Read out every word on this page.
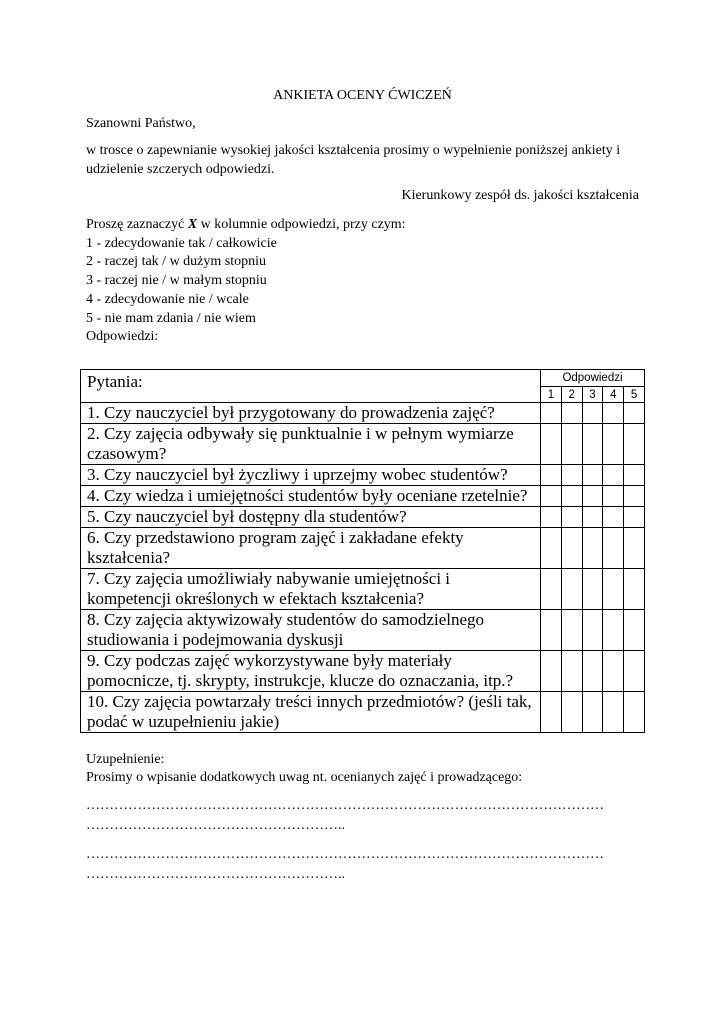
ANKIETA OCENY ĆWICZEŃ
Szanowni Państwo,
w trosce o zapewnianie wysokiej jakości kształcenia prosimy o wypełnienie poniższej ankiety i udzielenie szczerych odpowiedzi.
Kierunkowy zespół ds. jakości kształcenia
Proszę zaznaczyć X w kolumnie odpowiedzi, przy czym:
1 - zdecydowanie tak / całkowicie
2 - raczej tak / w dużym stopniu
3 - raczej nie / w małym stopniu
4 - zdecydowanie nie / wcale
5 - nie mam zdania / nie wiem
Odpowiedzi:
Pytania:	Odpowiedzi				
	1	2	3	4	5
1. Czy nauczyciel był przygotowany do prowadzenia zajęć?					
2. Czy zajęcia odbywały się punktualnie i w pełnym wymiarze czasowym?					
3. Czy nauczyciel był życzliwy i uprzejmy wobec studentów?					
4. Czy wiedza i umiejętności studentów były oceniane rzetelnie?					
5. Czy nauczyciel był dostępny dla studentów?					
6. Czy przedstawiono program zajęć i zakładane efekty kształcenia?					
7. Czy zajęcia umożliwiały nabywanie umiejętności i kompetencji określonych w efektach kształcenia?					
8. Czy zajęcia aktywizowały studentów do samodzielnego studiowania i podejmowania dyskusji					
9. Czy podczas zajęć wykorzystywane były materiały pomocnicze, tj. skrypty, instrukcje, klucze do oznaczania, itp.?					
10. Czy zajęcia powtarzały treści innych przedmiotów? (jeśli tak, podać w uzupełnieniu jakie)					
Uzupełnienie:
Prosimy o wpisanie dodatkowych uwag nt. ocenianych zajęć i prowadzącego:
…………………………………………………………………………………………………
………………………………………………..
…………………………………………………………………………………………………
………………………………………………..
